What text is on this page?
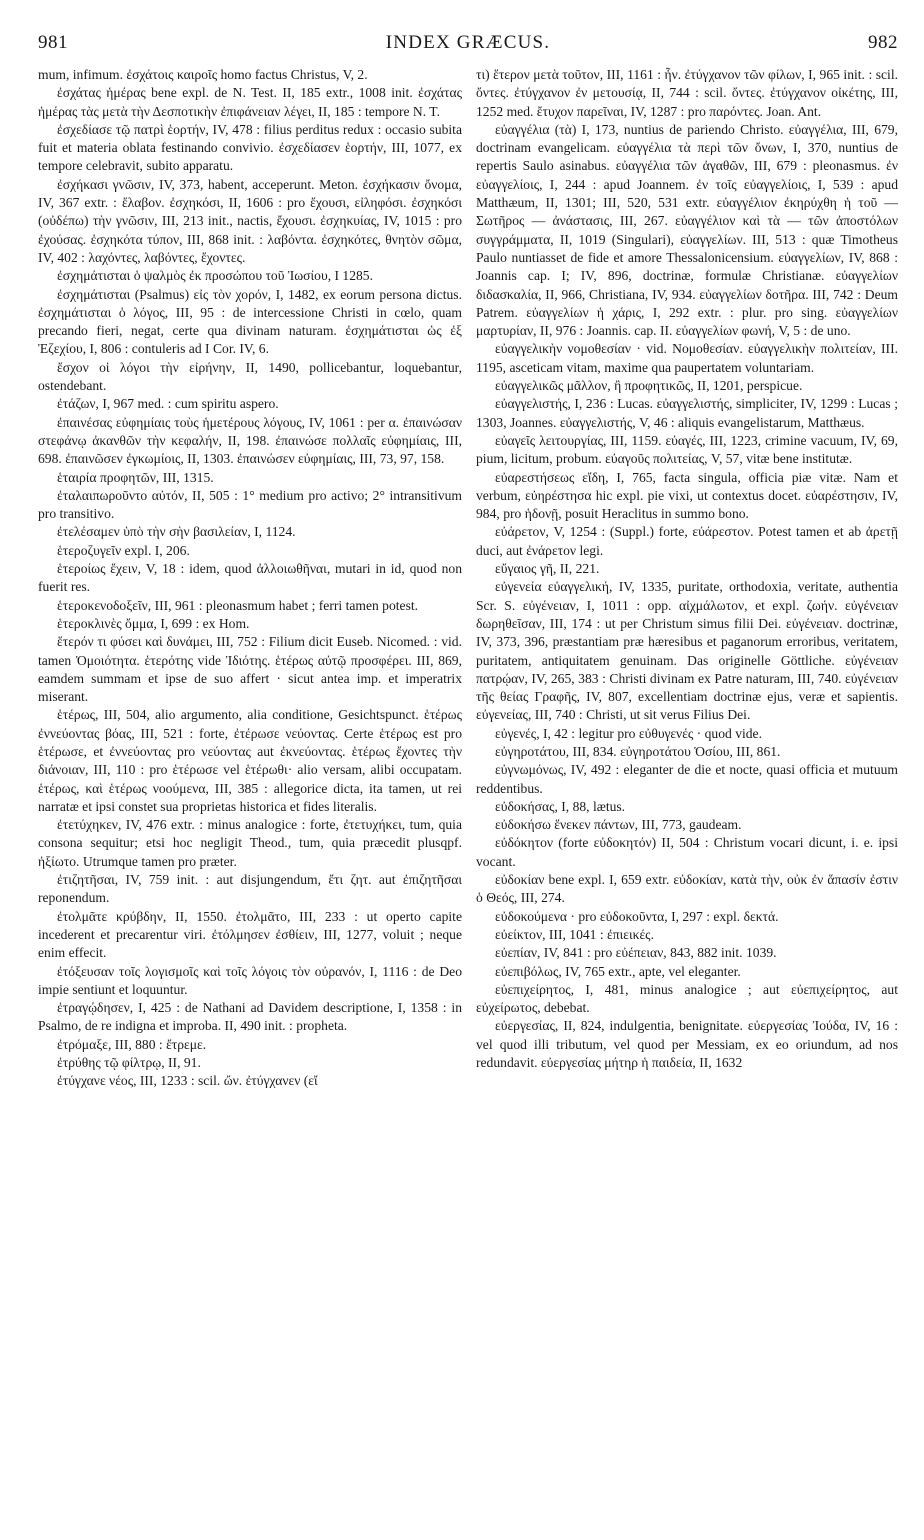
981	INDEX GRÆCUS.	982

mum, infimum. ἐσχάτοις καιροῖς homo factus Christus, V, 2.

ἐσχάτας ἡμέρας bene expl. de N. Test. II, 185 extr., 1008 init. ἐσχάτας ἡμέρας τὰς μετὰ τὴν Δεσποτικὴν ἐπιφάνειαν λέγει, II, 185 : tempore N. T.

ἐσχεδίασε τῷ πατρὶ ἑορτήν, IV, 478 : filius perditus redux : occasio subita fuit et materia oblata festinando convivio. ἐσχεδίασεν ἑορτήν, III, 1077, ex tempore celebravit, subito apparatu.

ἐσχήκασι γνῶσιν, IV, 373, habent, acceperunt. Meton. ἐσχήκασιν ὄνομα, IV, 367 extr. : ἔλαβον. ἐσχηκόσι, II, 1606 : pro ἔχουσι, εἰληφόσι. ἐσχηκόσι (οὐδέπω) τὴν γνῶσιν, III, 213 init., nactis, ἔχουσι. ἐσχηκυίας, IV, 1015 : pro ἐχούσας. ἐσχηκότα τύπον, III, 868 init. : λαβόντα. ἐσχηκότες, θνητὸν σῶμα, IV, 402 : λαχόντες, λαβόντες, ἔχοντες.

ἐσχημάτισται ὁ ψαλμὸς ἐκ προσώπου τοῦ Ἰωσίου, I 1285.

ἐσχημάτισται (Psalmus) εἰς τὸν χορόν, I, 1482, ex eorum persona dictus. ἐσχημάτισται ὁ λόγος, III, 95 : de intercessione Christi in cœlo, quam precando fieri, negat, certe qua divinam naturam. ἐσχημάτισται ὡς ἐξ Ἐζεχίου, I, 806 : contuleris ad I Cor. IV, 6.

ἔσχον οἱ λόγοι τὴν εἰρήνην, II, 1490, pollicebantur, loquebantur, ostendebant.

ἐτάζων, I, 967 med. : cum spiritu aspero.

ἐπαινέσας εὐφημίαις τοὺς ἡμετέρους λόγους, IV, 1061 : per α. ἐπαινώσαν στεφάνῳ ἀκανθῶν τὴν κεφαλήν, II, 198. ἐπαινώσε πολλαῖς εὐφημίαις, III, 698. ἐπαινῶσεν ἐγκωμίοις, II, 1303. ἐπαινώσεν εὐφημίαις, III, 73, 97, 158.

ἑταιρία προφητῶν, III, 1315.

ἐταλαιπωροῦντο αὐτόν, II, 505 : 1° medium pro activo; 2° intransitivum pro transitivo.

ἐτελέσαμεν ὑπὸ τὴν σὴν βασιλείαν, I, 1124.

ἑτεροζυγεῖν expl. I, 206.

ἑτεροίως ἔχειν, V, 18 : idem, quod ἀλλοιωθῆναι, mutari in id, quod non fuerit res.

ἑτεροκενοδοξεῖν, III, 961 : pleonasmum habet ; ferri tamen potest.

ἑτεροκλινὲς ὄμμα, I, 699 : ex Hom.

ἕτερόν τι φύσει καὶ δυνάμει, III, 752 : Filium dicit Euseb. Nicomed. : vid. tamen Ὁμοιότητα. ἑτερότης vide Ἰδιότης. ἑτέρως αὐτῷ προσφέρει. III, 869, eamdem summam et ipse de suo affert · sicut antea imp. et imperatrix miserant.

ἑτέρως, III, 504, alio argumento, alia conditione, Gesichtspunct. ἑτέρως ἐννεύοντας βόας, III, 521 : forte, ἐτέρωσε νεύοντας. Certe ἑτέρως est pro ἑτέρωσε, et ἐννεύοντας pro νεύοντας aut ἐκνεύοντας. ἑτέρως ἔχοντες τὴν διάνοιαν, III, 110 : pro ἑτέρωσε vel ἑτέρωθι· alio versam, alibi occupatam. ἑτέρως, καὶ ἑτέρως νοούμενα, III, 385 : allegorice dicta, ita tamen, ut rei narratæ et ipsi constet sua proprietas historica et fides literalis.

ἐτετύχηκεν, IV, 476 extr. : minus analogice : forte, ἐτετυχήκει, tum, quia consona sequitur; etsi hoc negligit Theod., tum, quia præcedit plusqpf. ἠξίωτο. Utrumque tamen pro præter.

ἐτιζητῆσαι, IV, 759 init. : aut disjungendum, ἔτι ζητ. aut ἐπιζητῆσαι reponendum.

ἐτολμᾶτε κρύβδην, II, 1550. ἐτολμᾶτο, III, 233 : ut operto capite incederent et precarentur viri. ἐτόλμησεν ἐσθίειν, III, 1277, voluit ; neque enim effecit.

ἐτόξευσαν τοῖς λογισμοῖς καὶ τοῖς λόγοις τὸν οὐρανόν, I, 1116 : de Deo impie sentiunt et loquuntur.

ἐτραγῴδησεν, I, 425 : de Nathani ad Davidem descriptione, I, 1358 : in Psalmo, de re indigna et improba. II, 490 init. : prophetа.

ἐτρόμαξε, III, 880 : ἔτρεμε.

ἐτρύθης τῷ φίλτρῳ, II, 91.

ἐτύγχανε νέος, III, 1233 : scil. ὤν. ἐτύγχανεν (εἴ

τι) ἕτερον μετὰ τοῦτον, III, 1161 : ἦν. ἐτύγχανον τῶν φίλων, I, 965 init. : scil. ὄντες. ἐτύγχανον ἐν μετουσίᾳ, II, 744 : scil. ὄντες. ἐτύγχανον οἰκέτης, III, 1252 med. ἔτυχον παρεῖναι, IV, 1287 : pro παρόντες. Joan. Ant.

εὐαγγέλια (τὰ) I, 173, nuntius de pariendo Christo. εὐαγγέλια, III, 679, doctrinam evangelicam. εὐαγγέλια τὰ περὶ τῶν ὄνων, I, 370, nuntius de repertis Saulo asinabus. εὐαγγέλια τῶν ἀγαθῶν, III, 679 : pleonasmus. ἐν εὐαγγελίοις, I, 244 : apud Joannem. ἐν τοῖς εὐαγγελίοις, I, 539 : apud Matthæum, II, 1301; III, 520, 531 extr. εὐαγγέλιον ἐκηρύχθη ἡ τοῦ — Σωτῆρος — ἀνάστασις, III, 267. εὐαγγέλιον καὶ τὰ — τῶν ἀποστόλων συγγράμματα, II, 1019 (Singulari), εὐαγγελίων. III, 513 : quæ Timotheus Paulo nuntiasset de fide et amore Thessalonicensium. εὐαγγελίων, IV, 868 : Joannis cap. I; IV, 896, doctrinæ, formulæ Christianæ. εὐαγγελίων διδασκαλία, II, 966, Christiana, IV, 934. εὐαγγελίων δοτῆρα. III, 742 : Deum Patrem. εὐαγγελίων ἡ χάρις, I, 292 extr. : plur. pro sing. εὐαγγελίων μαρτυρίαν, II, 976 : Joannis. cap. II. εὐαγγελίων φωνή, V, 5 : de uno.

εὐαγγελικὴν νομοθεσίαν · vid. Νομοθεσίαν. εὐαγγελικὴν πολιτείαν, III. 1195, asceticam vitam, maxime qua paupertatem voluntariam.

εὐαγγελικῶς μᾶλλον, ἢ προφητικῶς, II, 1201, perspicue.

εὐαγγελιστής, I, 236 : Lucas. εὐαγγελιστής, simpliciter, IV, 1299 : Lucas ; 1303, Joannes. εὐαγγελιστής, V, 46 : aliquis evangelistarum, Matthæus.

εὐαγεῖς λειτουργίας, III, 1159. εὐαγές, III, 1223, crimine vacuum, IV, 69, pium, licitum, probum. εὐαγοῦς πολιτείας, V, 57, vitæ bene institutæ.

εὐαρεστήσεως εἴδη, I, 765, facta singula, officia piæ vitæ. Nam et verbum, εὐηρέστησα hic expl. pie vixi, ut contextus docet. εὐαρέστησιν, IV, 984, pro ἡδονῇ, posuit Heraclitus in summo bono.

εὐάρετον, V, 1254 : (Suppl.) forte, εὐάρεστον. Potest tamen et ab ἀρετῇ duci, aut ἐνάρετον legi.

εὔγαιος γῆ, II, 221.

εὐγενεία εὐαγγελική, IV, 1335, puritate, orthodoxia, veritate, authentia Scr. S. εὐγένειαν, I, 1011 : opp. αἰχμάλωτον, et expl. ζωήν. εὐγένειαν δωρηθεῖσαν, III, 174 : ut per Christum simus filii Dei. εὐγένειαν. doctrinæ, IV, 373, 396, præstantiam præ hæresibus et paganorum erroribus, veritatem, puritatem, antiquitatem genuinam. Das originelle Göttliche. εὐγένειαν πατρῴαν, IV, 265, 383 : Christi divinam ex Patre naturam, III, 740. εὐγένειαν τῆς θείας Γραφῆς, IV, 807, excellentiam doctrinæ ejus, veræ et sapientis. εὐγενείας, III, 740 : Christi, ut sit verus Filius Dei.

εὐγενές, I, 42 : legitur pro εὐθυγενές · quod vide.

εὐγηροτάτου, III, 834. εὐγηροτάτου Ὁσίου, III, 861.

εὐγνωμόνως, IV, 492 : eleganter de die et nocte, quasi officia et mutuum reddentibus.

εὐδοκήσας, I, 88, lætus.

εὐδοκήσω ἕνεκεν πάντων, III, 773, gaudeam.

εὐδόκητον (forte εὐδοκητόν) II, 504 : Christum vocari dicunt, i. e. ipsi vocant.

εὐδοκίαν bene expl. I, 659 extr. εὐδοκίαν, κατὰ τὴν, οὐκ ἐν ἅπασίν ἐστιν ὁ Θεός, III, 274.

εὐδοκούμενα · pro εὐδοκοῦντα, I, 297 : expl. δεκτά.

εὐείκτον, III, 1041 : ἐπιεικές.

εὐεπίαν, IV, 841 : pro εὐέπειαν, 843, 882 init. 1039.

εὐεπιβόλως, IV, 765 extr., apte, vel eleganter.

εὐεπιχείρητος, I, 481, minus analogice ; aut εὐεπιχείρητος, aut εὐχείρωτος, debebat.

εὐεργεσίας, II, 824, indulgentia, benignitate. εὐεργεσίας Ἰούδα, IV, 16 : vel quod illi tributum, vel quod per Messiam, ex eo oriundum, ad nos redundavit. εὐεργεσίας μήτηρ ἡ παιδεία, II, 1632
